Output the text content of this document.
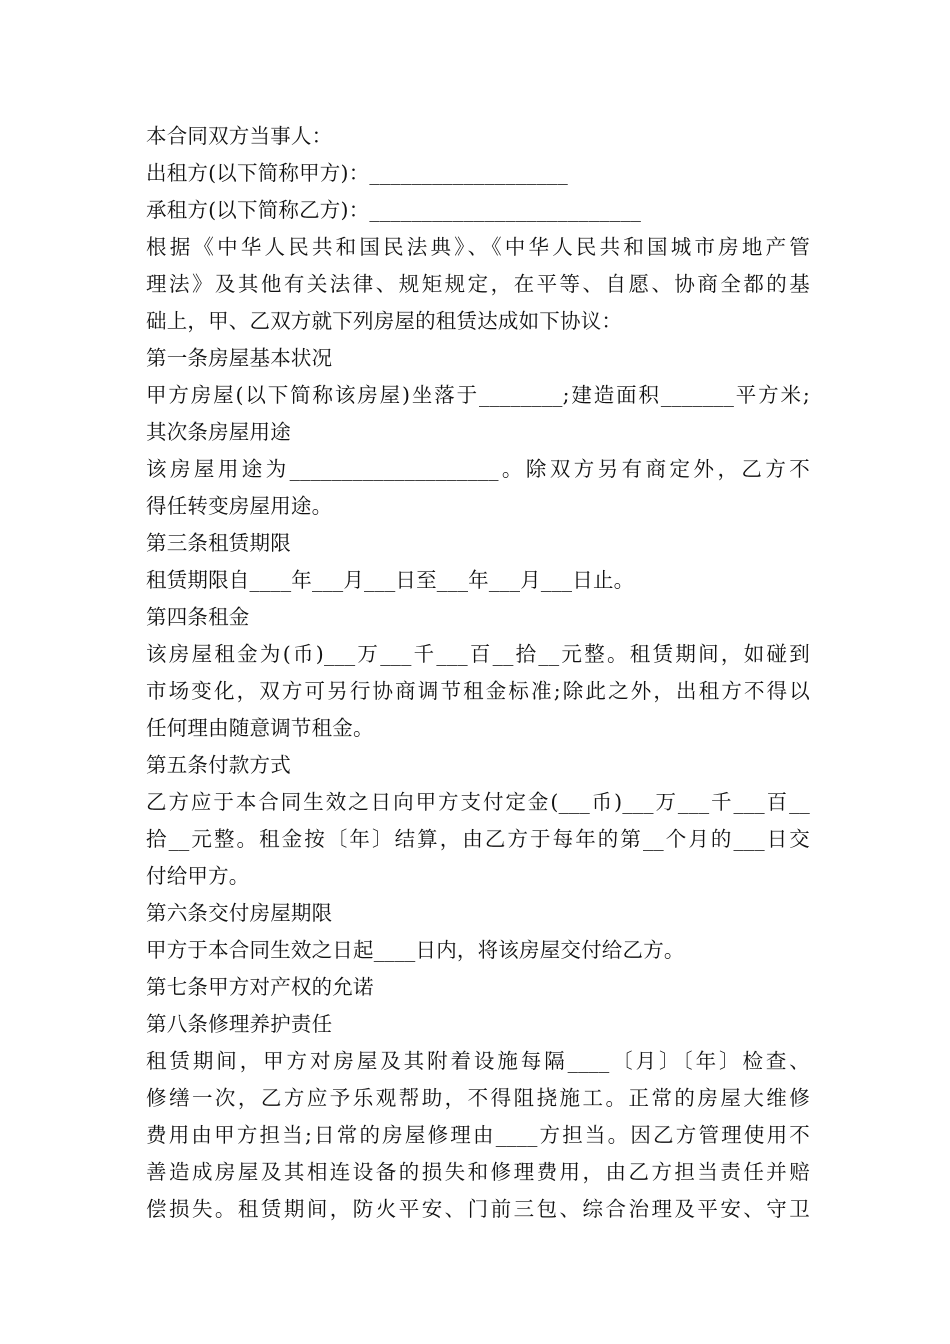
本合同双方当事人：
出租方(以下简称甲方)：___________________
承租方(以下简称乙方)：__________________________
根据《中华人民共和国民法典》、《中华人民共和国城市房地产管
理法》及其他有关法律、规矩规定，在平等、自愿、协商全都的基
础上，甲、乙双方就下列房屋的租赁达成如下协议：
第一条房屋基本状况
甲方房屋(以下简称该房屋)坐落于________;建造面积_______平方米;
其次条房屋用途
该房屋用途为____________________。除双方另有商定外，乙方不
得任转变房屋用途。
第三条租赁期限
租赁期限自____年___月___日至___年___月___日止。
第四条租金
该房屋租金为(币)___万___千___百__拾__元整。租赁期间，如碰到
市场变化，双方可另行协商调节租金标准;除此之外，出租方不得以
任何理由随意调节租金。
第五条付款方式
乙方应于本合同生效之日向甲方支付定金(___币)___万___千___百__
拾__元整。租金按〔年〕结算，由乙方于每年的第__个月的___日交
付给甲方。
第六条交付房屋期限
甲方于本合同生效之日起____日内，将该房屋交付给乙方。
第七条甲方对产权的允诺
第八条修理养护责任
租赁期间，甲方对房屋及其附着设施每隔____〔月〕〔年〕检查、
修缮一次，乙方应予乐观帮助，不得阻挠施工。正常的房屋大维修
费用由甲方担当;日常的房屋修理由____方担当。因乙方管理使用不
善造成房屋及其相连设备的损失和修理费用，由乙方担当责任并赔
偿损失。租赁期间，防火平安、门前三包、综合治理及平安、守卫
